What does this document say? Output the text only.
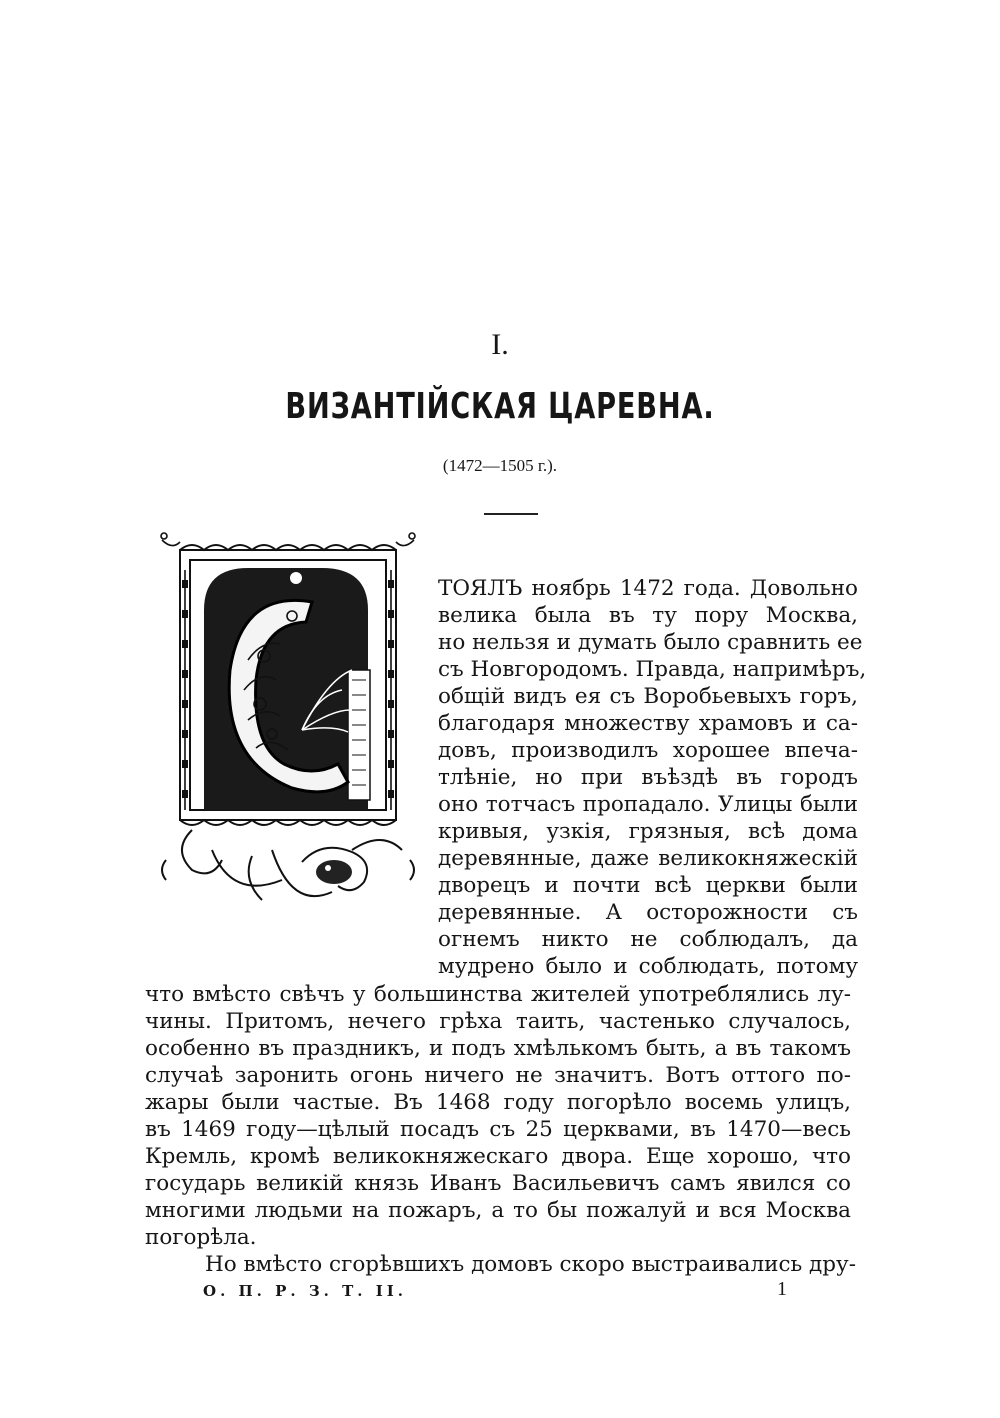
I.
ВИЗАНТІЙСКАЯ ЦАРЕВНА.
(1472—1505 г.).
ТОЯЛЪ ноябрь 1472 года. Довольно
велика была въ ту пору Москва,
но нельзя и думать было сравнить ее
съ Новгородомъ. Правда, напримѣръ,
общій видъ ея съ Воробьевыхъ горъ,
благодаря множеству храмовъ и са-
довъ, производилъ хорошее впеча-
тлѣніе, но при въѣздѣ въ городъ
оно тотчасъ пропадало. Улицы были
кривыя, узкія, грязныя, всѣ дома
деревянные, даже великокняжескій
дворецъ и почти всѣ церкви были
деревянные. А осторожности съ
огнемъ никто не соблюдалъ, да
мудрено было и соблюдать, потому
что вмѣсто свѣчъ у большинства жителей употреблялись лу-
чины. Притомъ, нечего грѣха таить, частенько случалось,
особенно въ праздникъ, и подъ хмѣлькомъ быть, а въ такомъ
случаѣ заронить огонь ничего не значитъ. Вотъ оттого по-
жары были частые. Въ 1468 году погорѣло восемь улицъ,
въ 1469 году—цѣлый посадъ съ 25 церквами, въ 1470—весь
Кремль, кромѣ великокняжескаго двора. Еще хорошо, что
государь великій князь Иванъ Васильевичъ самъ явился со
многими людьми на пожаръ, а то бы пожалуй и вся Москва
погорѣла.
Но вмѣсто сгорѣвшихъ домовъ скоро выстраивались дру-
О. П. Р. З. Т. II.	1
